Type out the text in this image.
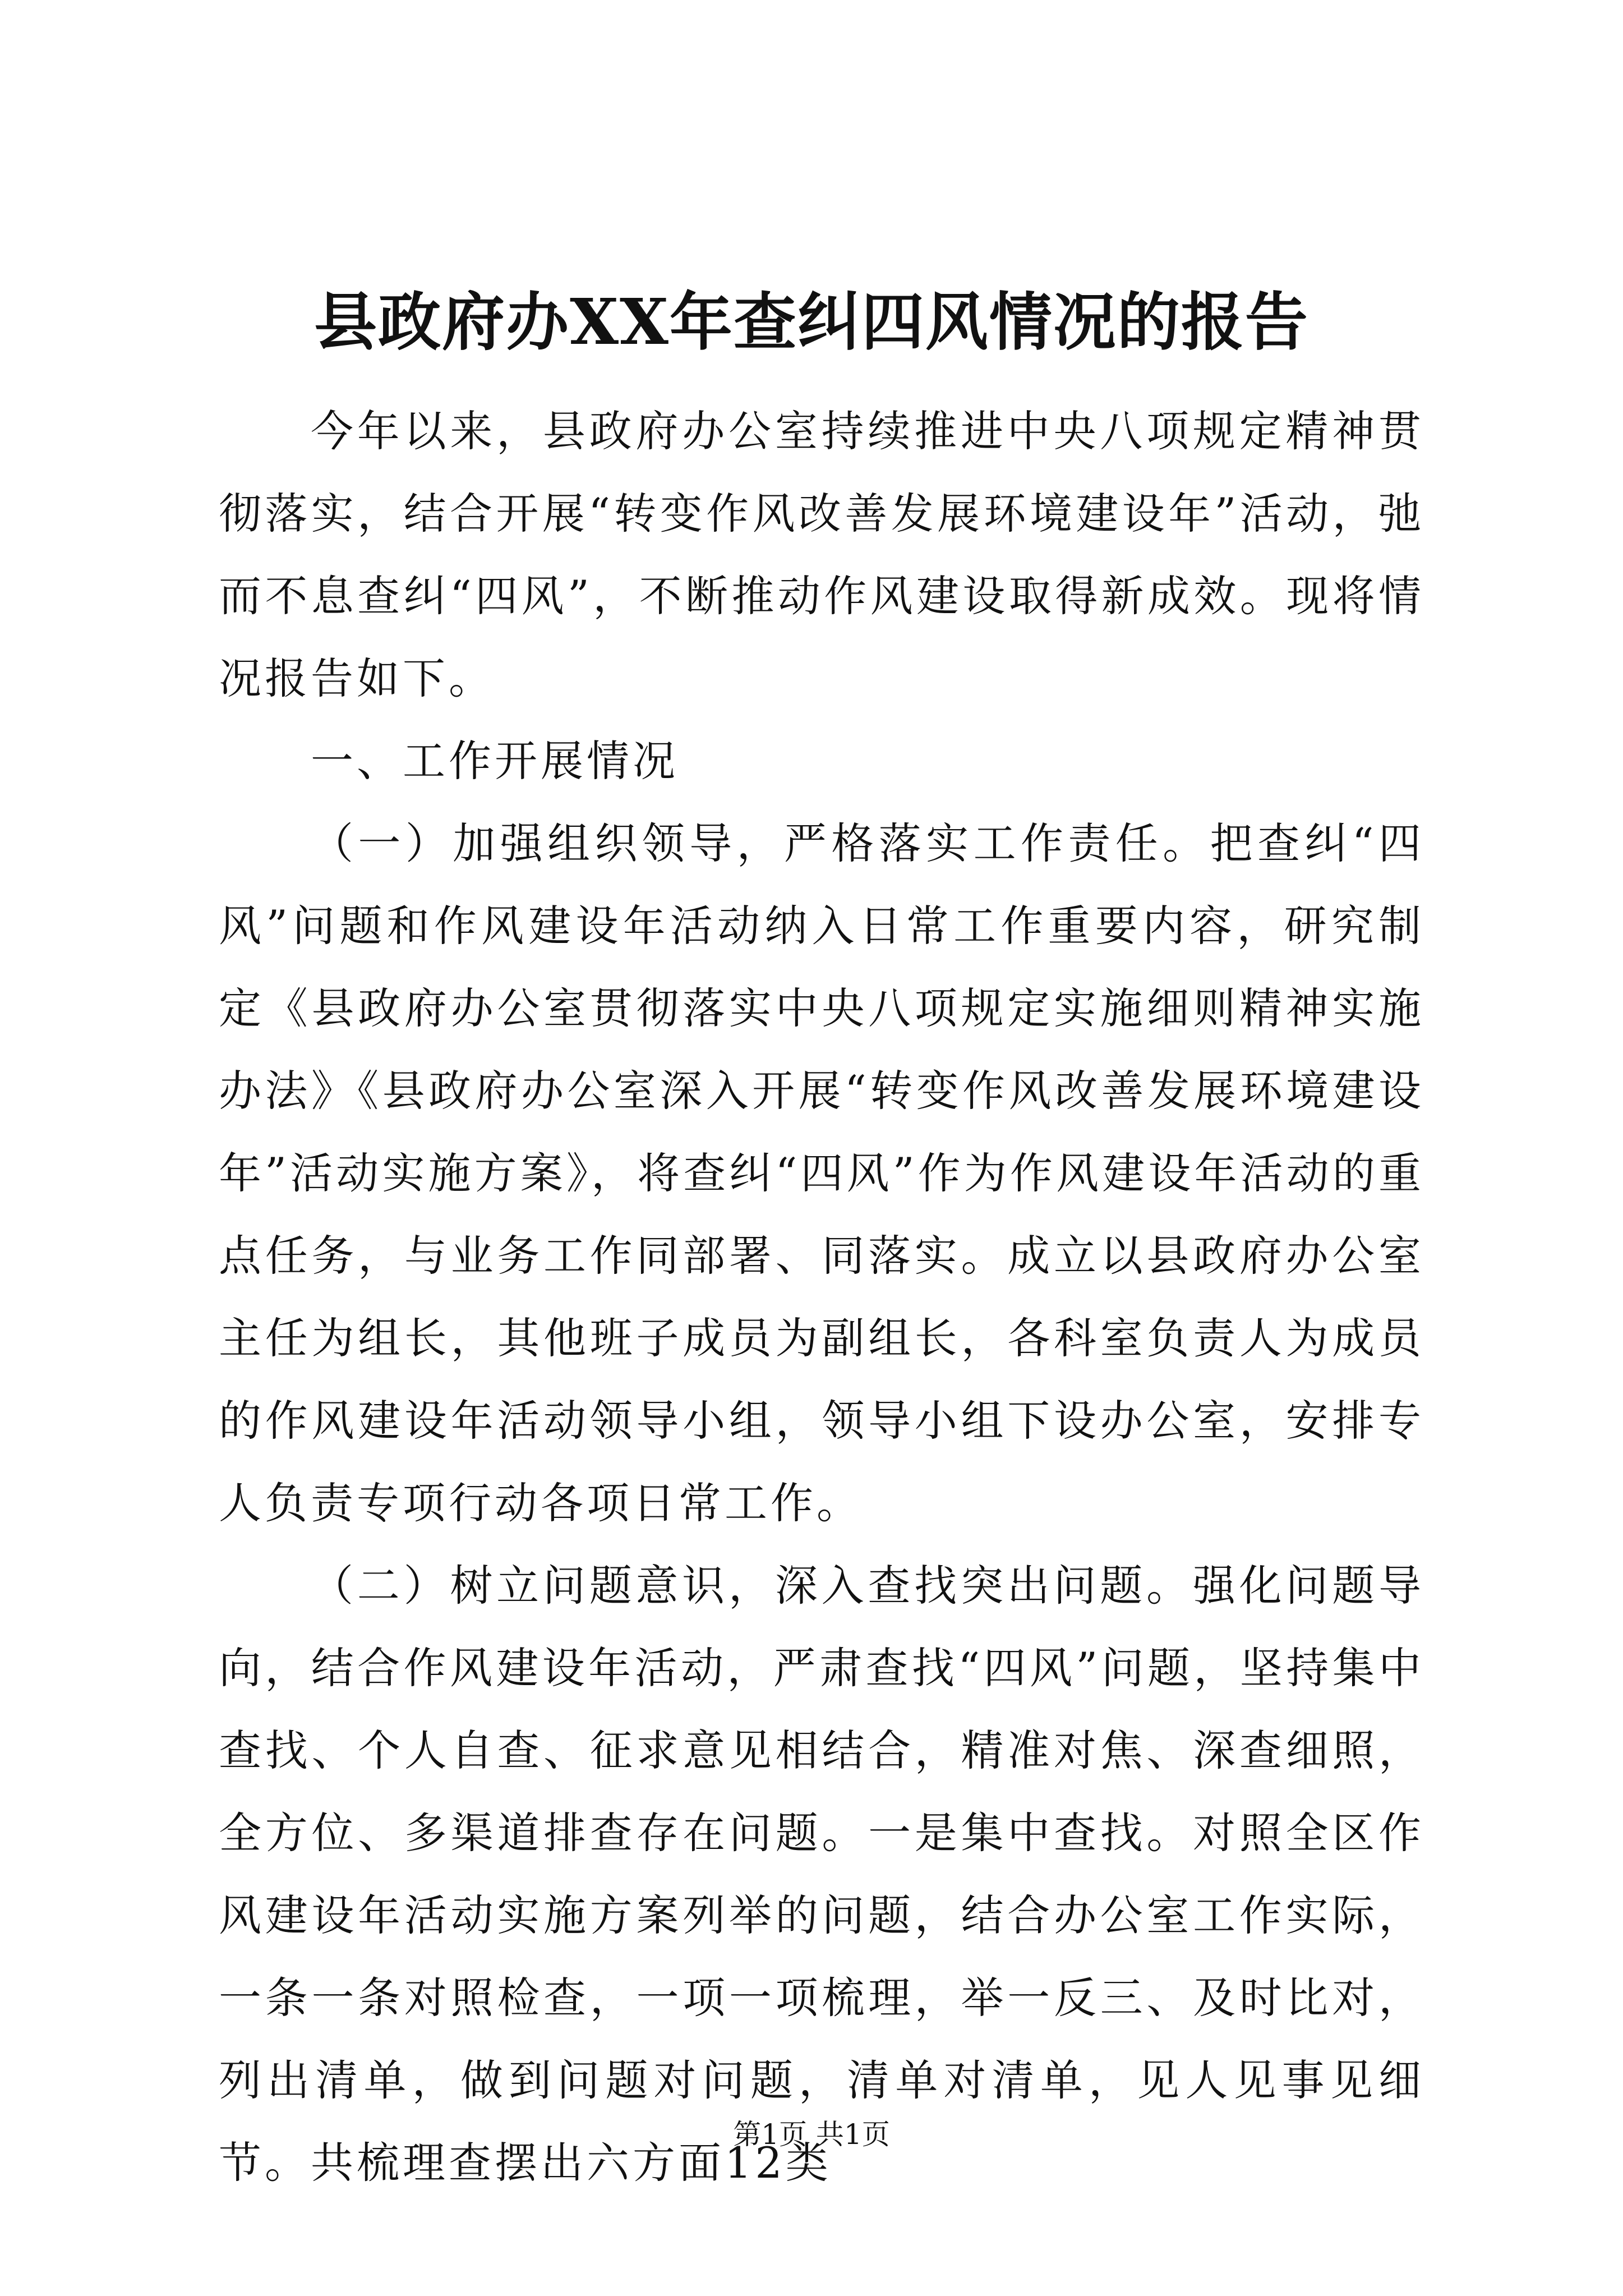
县政府办XX年查纠四风情况的报告

今年以来，县政府办公室持续推进中央八项规定精神贯彻落实，结合开展“转变作风改善发展环境建设年”活动，弛而不息查纠“四风”，不断推动作风建设取得新成效。现将情况报告如下。

一、工作开展情况

（一）加强组织领导，严格落实工作责任。把查纠“四风”问题和作风建设年活动纳入日常工作重要内容，研究制定《县政府办公室贯彻落实中央八项规定实施细则精神实施办法》《县政府办公室深入开展“转变作风改善发展环境建设年”活动实施方案》，将查纠“四风”作为作风建设年活动的重点任务，与业务工作同部署、同落实。成立以县政府办公室主任为组长，其他班子成员为副组长，各科室负责人为成员的作风建设年活动领导小组，领导小组下设办公室，安排专人负责专项行动各项日常工作。

（二）树立问题意识，深入查找突出问题。强化问题导向，结合作风建设年活动，严肃查找“四风”问题，坚持集中查找、个人自查、征求意见相结合，精准对焦、深查细照，全方位、多渠道排查存在问题。一是集中查找。对照全区作风建设年活动实施方案列举的问题，结合办公室工作实际，一条一条对照检查，一项一项梳理，举一反三、及时比对，列出清单，做到问题对问题，清单对清单，见人见事见细节。共梳理查摆出六方面12类

第1页 共1页
